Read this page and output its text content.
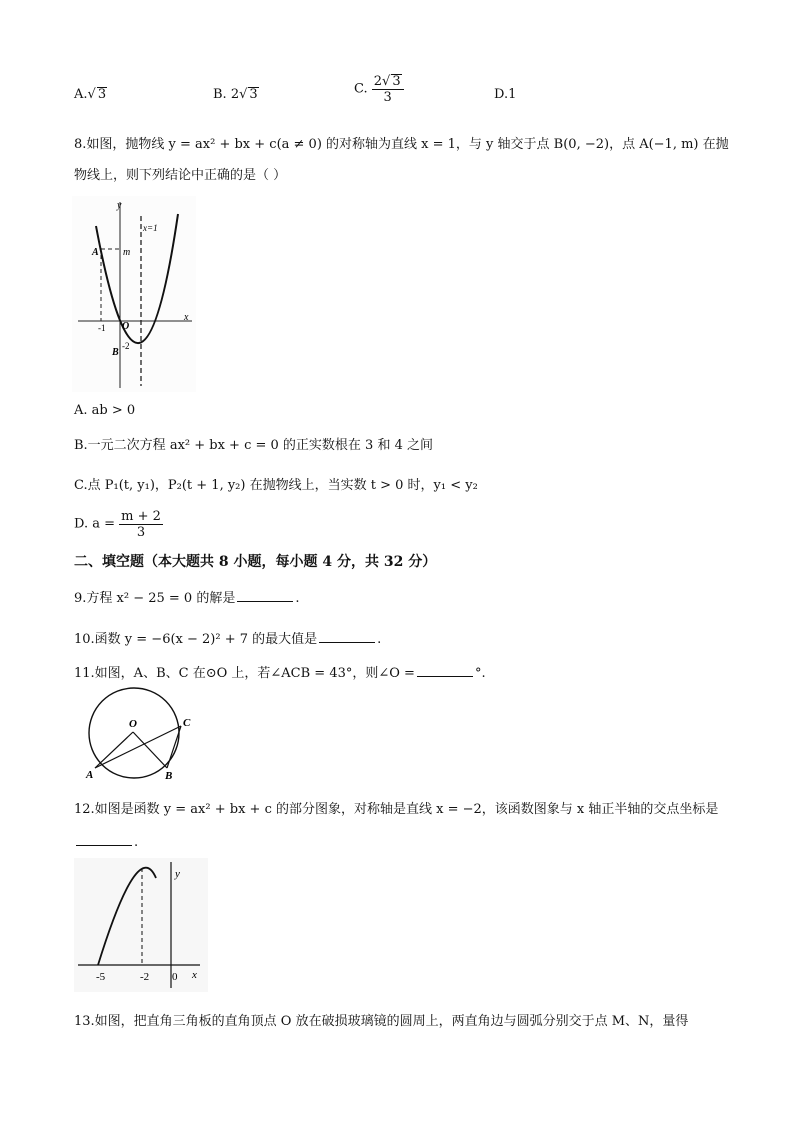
A.√ 3	B. 2√ 3	C. $\frac{2√ 3}{3}$	D.1
8.如图，抛物线 y = ax² + bx + c(a ≠ 0) 的对称轴为直线 x = 1，与 y 轴交于点 B(0, −2)，点 A(−1, m) 在抛
物线上，则下列结论中正确的是（ ）
y
x=1
A m
-1 O
x
B
-2
A. ab > 0
B.一元二次方程 ax² + bx + c = 0 的正实数根在 3 和 4 之间
C.点 P₁(t, y₁)，P₂(t + 1, y₂) 在抛物线上，当实数 t > 0 时，y₁ < y₂
D. $a = \frac{m + 2}{3}$
二、填空题（本大题共 8 小题，每小题 4 分，共 32 分）
9.方程 x² − 25 = 0 的解是	.
10.函数 y = −6(x − 2)² + 7 的最大值是	.
11.如图，A、B、C 在⊙O 上，若∠ACB = 43°，则∠O =	°.
O	C
A	B
12.如图是函数 y = ax² + bx + c 的部分图象，对称轴是直线 x = −2，该函数图象与 x 轴正半轴的交点坐标是
.
y
-5	-2 0 x
13.如图，把直角三角板的直角顶点 O 放在破损玻璃镜的圆周上，两直角边与圆弧分别交于点 M、N，量得
